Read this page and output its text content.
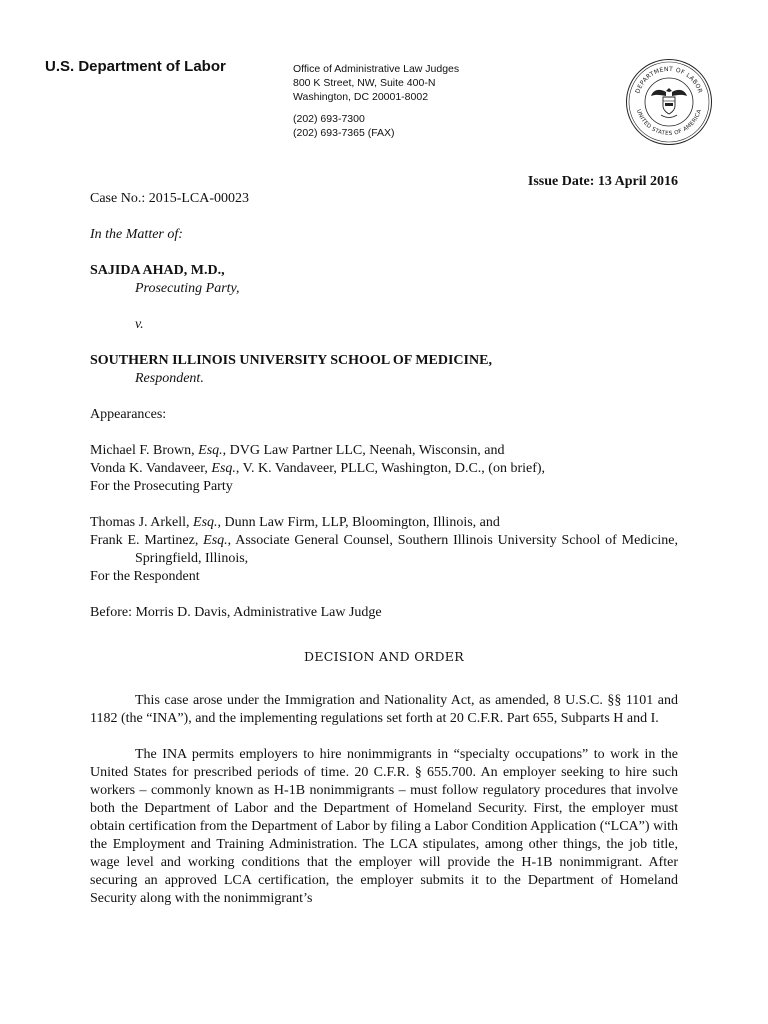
U.S. Department of Labor	Office of Administrative Law Judges
800 K Street, NW, Suite 400-N
Washington, DC 20001-8002
(202) 693-7300
(202) 693-7365 (FAX)
DEPARTMENT OF LABOR
UNITED STATES OF AMERICA
Issue Date: 13 April 2016

Case No.: 2015-LCA-00023

In the Matter of:

SAJIDA AHAD, M.D.,

Prosecuting Party,

v.

SOUTHERN ILLINOIS UNIVERSITY SCHOOL OF MEDICINE,

Respondent.

Appearances:

Michael F. Brown, Esq., DVG Law Partner LLC, Neenah, Wisconsin, and

Vonda K. Vandaveer, Esq., V. K. Vandaveer, PLLC, Washington, D.C., (on brief),

For the Prosecuting Party

Thomas J. Arkell, Esq., Dunn Law Firm, LLP, Bloomington, Illinois, and

Frank E. Martinez, Esq., Associate General Counsel, Southern Illinois University School of Medicine, Springfield, Illinois,

For the Respondent

Before: Morris D. Davis, Administrative Law Judge

DECISION AND ORDER

This case arose under the Immigration and Nationality Act, as amended, 8 U.S.C. §§ 1101 and 1182 (the “INA”), and the implementing regulations set forth at 20 C.F.R. Part 655, Subparts H and I.

The INA permits employers to hire nonimmigrants in “specialty occupations” to work in the United States for prescribed periods of time. 20 C.F.R. § 655.700. An employer seeking to hire such workers – commonly known as H-1B nonimmigrants – must follow regulatory procedures that involve both the Department of Labor and the Department of Homeland Security. First, the employer must obtain certification from the Department of Labor by filing a Labor Condition Application (“LCA”) with the Employment and Training Administration. The LCA stipulates, among other things, the job title, wage level and working conditions that the employer will provide the H-1B nonimmigrant. After securing an approved LCA certification, the employer submits it to the Department of Homeland Security along with the nonimmigrant’s
